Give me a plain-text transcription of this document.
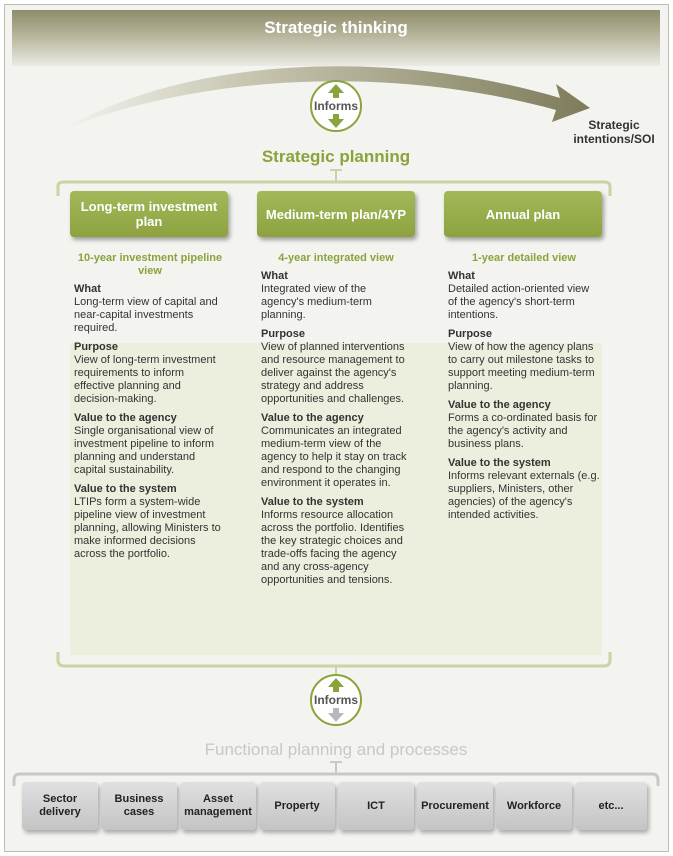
Strategic thinking
Strategic
intentions/SOI
Informs
Strategic planning
Long-term investment plan	Medium-term plan/4YP	Annual plan
10-year investment pipeline view
What
Long-term view of capital and near-capital investments required.
Purpose
View of long-term investment requirements to inform effective planning and decision-making.
Value to the agency
Single organisational view of investment pipeline to inform planning and understand capital sustainability.
Value to the system
LTIPs form a system-wide pipeline view of investment planning, allowing Ministers to make informed decisions across the portfolio.
4-year integrated view
What
Integrated view of the agency's medium-term planning.
Purpose
View of planned interventions and resource management to deliver against the agency's strategy and address opportunities and challenges.
Value to the agency
Communicates an integrated medium-term view of the agency to help it stay on track and respond to the changing environment it operates in.
Value to the system
Informs resource allocation across the portfolio. Identifies the key strategic choices and trade-offs facing the agency and any cross-agency opportunities and tensions.
1-year detailed view
What
Detailed action-oriented view of the agency's short-term intentions.
Purpose
View of how the agency plans to carry out milestone tasks to support meeting medium-term planning.
Value to the agency
Forms a co-ordinated basis for the agency's activity and business plans.
Value to the system
Informs relevant externals (e.g. suppliers, Ministers, other agencies) of the agency's intended activities.
Informs
Functional planning and processes
Sector delivery
Business cases
Asset management
Property	ICT	Procurement	Workforce	etc...
